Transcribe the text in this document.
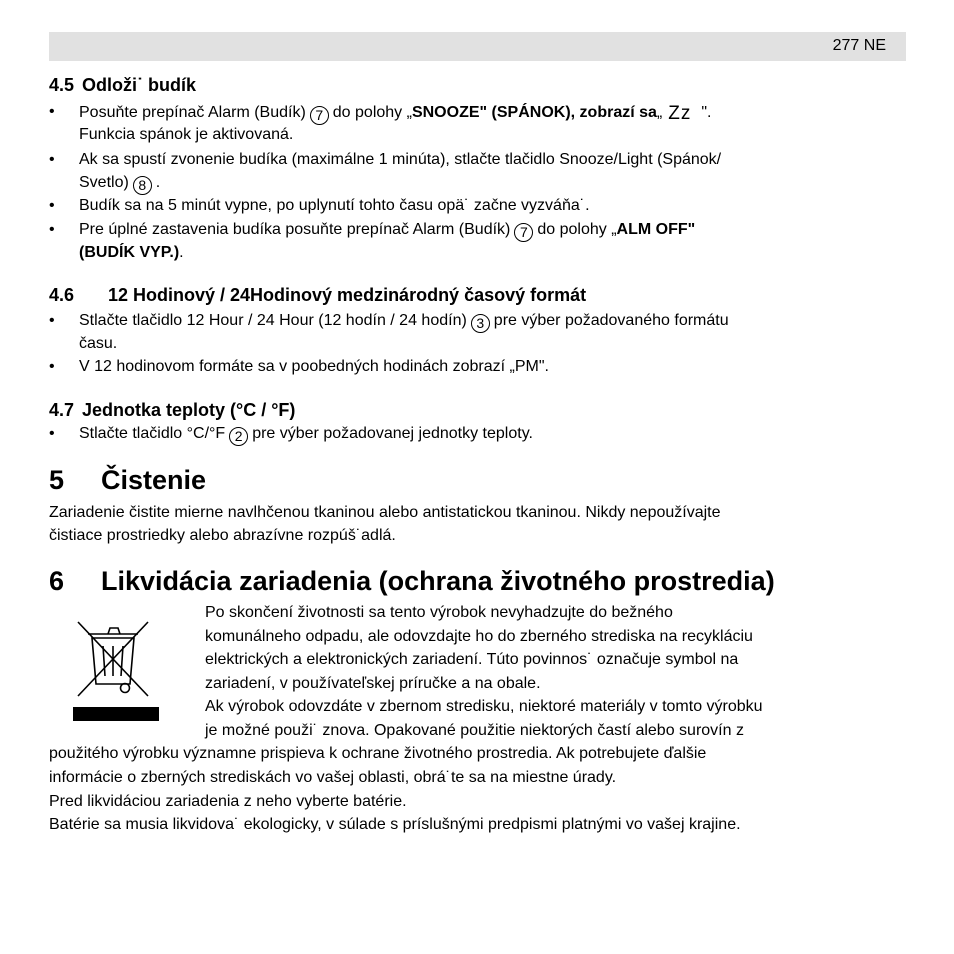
277 NE
4.5 Odloži˙ budík
• Posuňte prepínač Alarm (Budík) 7 do polohy „SNOOZE" (SPÁNOK), zobrazí sa„ Zz ".
Funkcia spánok je aktivovaná.
• Ak sa spustí zvonenie budíka (maximálne 1 minúta), stlačte tlačidlo Snooze/Light (Spánok/
Svetlo) 8 .
• Budík sa na 5 minút vypne, po uplynutí tohto času opä˙ začne vyzváňa˙.
• Pre úplné zastavenia budíka posuňte prepínač Alarm (Budík) 7 do polohy „ALM OFF"
(BUDÍK VYP.).
4.6 12 Hodinový / 24Hodinový medzinárodný časový formát
• Stlačte tlačidlo 12 Hour / 24 Hour (12 hodín / 24 hodín) 3 pre výber požadovaného formátu
času.
• V 12 hodinovom formáte sa v poobedných hodinách zobrazí „PM".
4.7 Jednotka teploty (°C / °F)
• Stlačte tlačidlo °C/°F 2 pre výber požadovanej jednotky teploty.
5 Čistenie
Zariadenie čistite mierne navlhčenou tkaninou alebo antistatickou tkaninou. Nikdy nepoužívajte
čistiace prostriedky alebo abrazívne rozpúš˙adlá.
6 Likvidácia zariadenia (ochrana životného prostredia)
Po skončení životnosti sa tento výrobok nevyhadzujte do bežného
komunálneho odpadu, ale odovzdajte ho do zberného strediska na recykláciu
elektrických a elektronických zariadení. Túto povinnos˙ označuje symbol na
zariadení, v používateľskej príručke a na obale.
Ak výrobok odovzdáte v zbernom stredisku, niektoré materiály v tomto výrobku
je možné použi˙ znova. Opakované použitie niektorých častí alebo surovín z
použitého výrobku významne prispieva k ochrane životného prostredia. Ak potrebujete ďalšie
informácie o zberných strediskách vo vašej oblasti, obrá˙te sa na miestne úrady.
Pred likvidáciou zariadenia z neho vyberte batérie.
Batérie sa musia likvidova˙ ekologicky, v súlade s príslušnými predpismi platnými vo vašej krajine.
